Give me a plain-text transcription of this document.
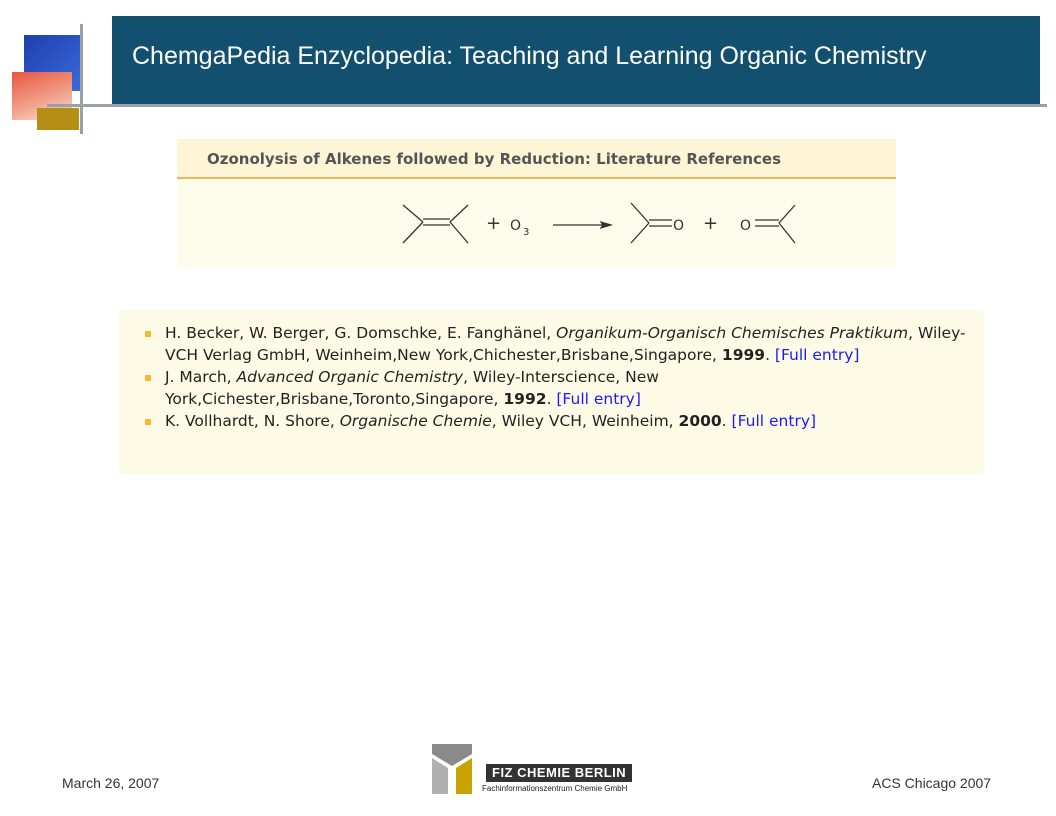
ChemgaPedia Enzyclopedia: Teaching and Learning Organic Chemistry
Ozonolysis of Alkenes followed by Reduction: Literature References
+ O 3	O + O
H. Becker, W. Berger, G. Domschke, E. Fanghänel, Organikum-Organisch Chemisches Praktikum, Wiley-VCH Verlag GmbH, Weinheim,New York,Chichester,Brisbane,Singapore, 1999. [Full entry]
J. March, Advanced Organic Chemistry, Wiley-Interscience, New York,Cichester,Brisbane,Toronto,Singapore, 1992. [Full entry]
K. Vollhardt, N. Shore, Organische Chemie, Wiley VCH, Weinheim, 2000. [Full entry]
March 26, 2007
FIZ CHEMIE BERLIN
Fachinformationszentrum Chemie GmbH	ACS Chicago 2007
